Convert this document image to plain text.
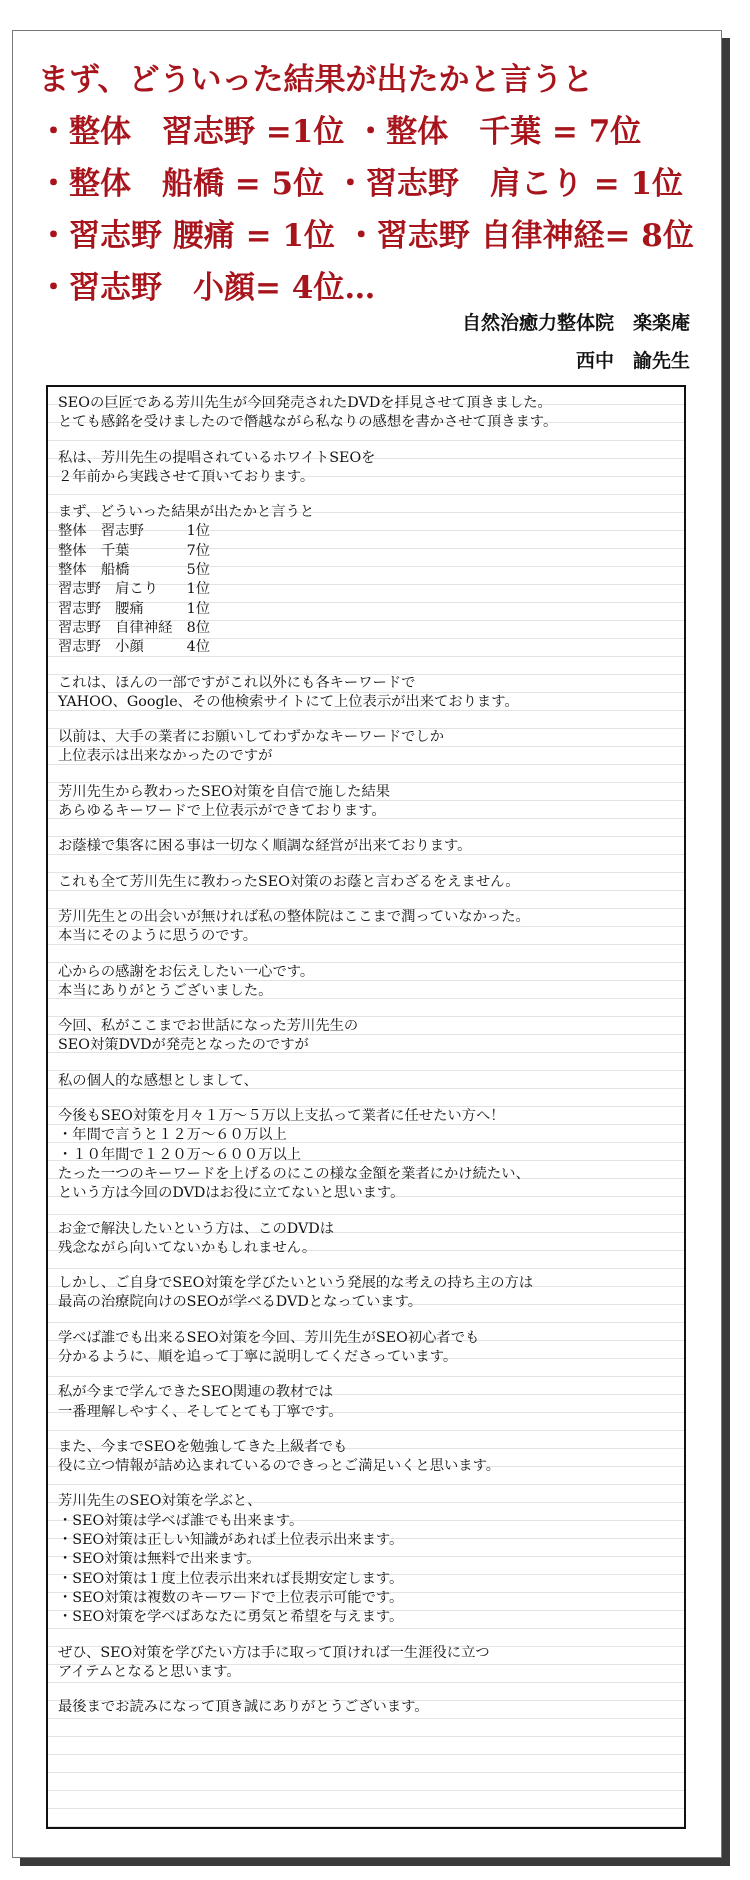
まず、どういった結果が出たかと言うと
・整体　習志野 =1位 ・整体　千葉 = 7位
・整体　船橋 = 5位 ・習志野　肩こり = 1位
・習志野 腰痛 = 1位 ・習志野 自律神経= 8位
・習志野　小顔= 4位…
自然治癒力整体院　楽楽庵
西中　諭先生
SEOの巨匠である芳川先生が今回発売されたDVDを拝見させて頂きました。
とても感銘を受けましたので僭越ながら私なりの感想を書かさせて頂きます。
私は、芳川先生の提唱されているホワイトSEOを
２年前から実践させて頂いております。
まず、どういった結果が出たかと言うと
整体　習志野　　　1位
整体　千葉　　　　7位
整体　船橋　　　　5位
習志野　肩こり　　1位
習志野　腰痛　　　1位
習志野　自律神経　8位
習志野　小顔　　　4位
これは、ほんの一部ですがこれ以外にも各キーワードで
YAHOO、Google、その他検索サイトにて上位表示が出来ております。
以前は、大手の業者にお願いしてわずかなキーワードでしか
上位表示は出来なかったのですが
芳川先生から教わったSEO対策を自信で施した結果
あらゆるキーワードで上位表示ができております。
お蔭様で集客に困る事は一切なく順調な経営が出来ております。
これも全て芳川先生に教わったSEO対策のお蔭と言わざるをえません。
芳川先生との出会いが無ければ私の整体院はここまで潤っていなかった。
本当にそのように思うのです。
心からの感謝をお伝えしたい一心です。
本当にありがとうございました。
今回、私がここまでお世話になった芳川先生の
SEO対策DVDが発売となったのですが
私の個人的な感想としまして、
今後もSEO対策を月々１万〜５万以上支払って業者に任せたい方へ！
・年間で言うと１２万〜６０万以上
・１０年間で１２０万〜６００万以上
たった一つのキーワードを上げるのにこの様な金額を業者にかけ続たい、
という方は今回のDVDはお役に立てないと思います。
お金で解決したいという方は、このDVDは
残念ながら向いてないかもしれません。
しかし、ご自身でSEO対策を学びたいという発展的な考えの持ち主の方は
最高の治療院向けのSEOが学べるDVDとなっています。
学べば誰でも出来るSEO対策を今回、芳川先生がSEO初心者でも
分かるように、順を追って丁寧に説明してくださっています。
私が今まで学んできたSEO関連の教材では
一番理解しやすく、そしてとても丁寧です。
また、今までSEOを勉強してきた上級者でも
役に立つ情報が詰め込まれているのできっとご満足いくと思います。
芳川先生のSEO対策を学ぶと、
・SEO対策は学べば誰でも出来ます。
・SEO対策は正しい知識があれば上位表示出来ます。
・SEO対策は無料で出来ます。
・SEO対策は１度上位表示出来れば長期安定します。
・SEO対策は複数のキーワードで上位表示可能です。
・SEO対策を学べばあなたに勇気と希望を与えます。
ぜひ、SEO対策を学びたい方は手に取って頂ければ一生涯役に立つ
アイテムとなると思います。
最後までお読みになって頂き誠にありがとうございます。
